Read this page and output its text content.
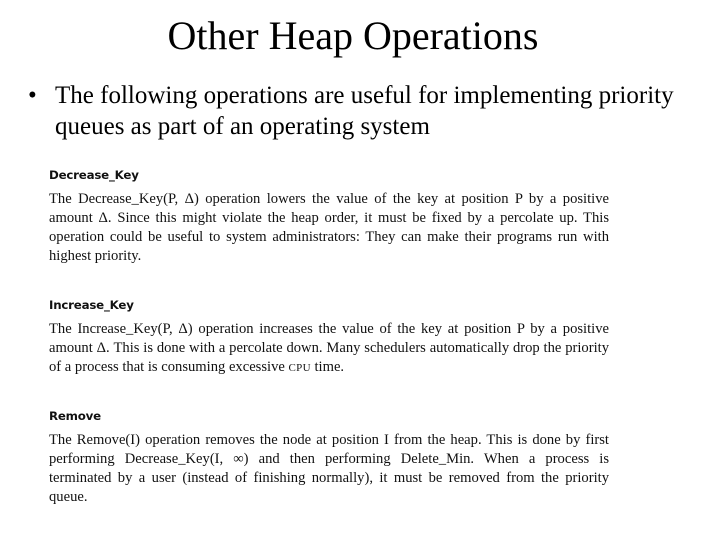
Other Heap Operations
• The following operations are useful for implementing priority queues as part of an operating system
Decrease_Key

The Decrease_Key(P, Δ) operation lowers the value of the key at position P by a positive amount Δ. Since this might violate the heap order, it must be fixed by a percolate up. This operation could be useful to system administrators: They can make their programs run with highest priority.

Increase_Key

The Increase_Key(P, Δ) operation increases the value of the key at position P by a positive amount Δ. This is done with a percolate down. Many schedulers automatically drop the priority of a process that is consuming excessive CPU time.

Remove

The Remove(I) operation removes the node at position I from the heap. This is done by first performing Decrease_Key(I, ∞) and then performing Delete_Min. When a process is terminated by a user (instead of finishing normally), it must be removed from the priority queue.
